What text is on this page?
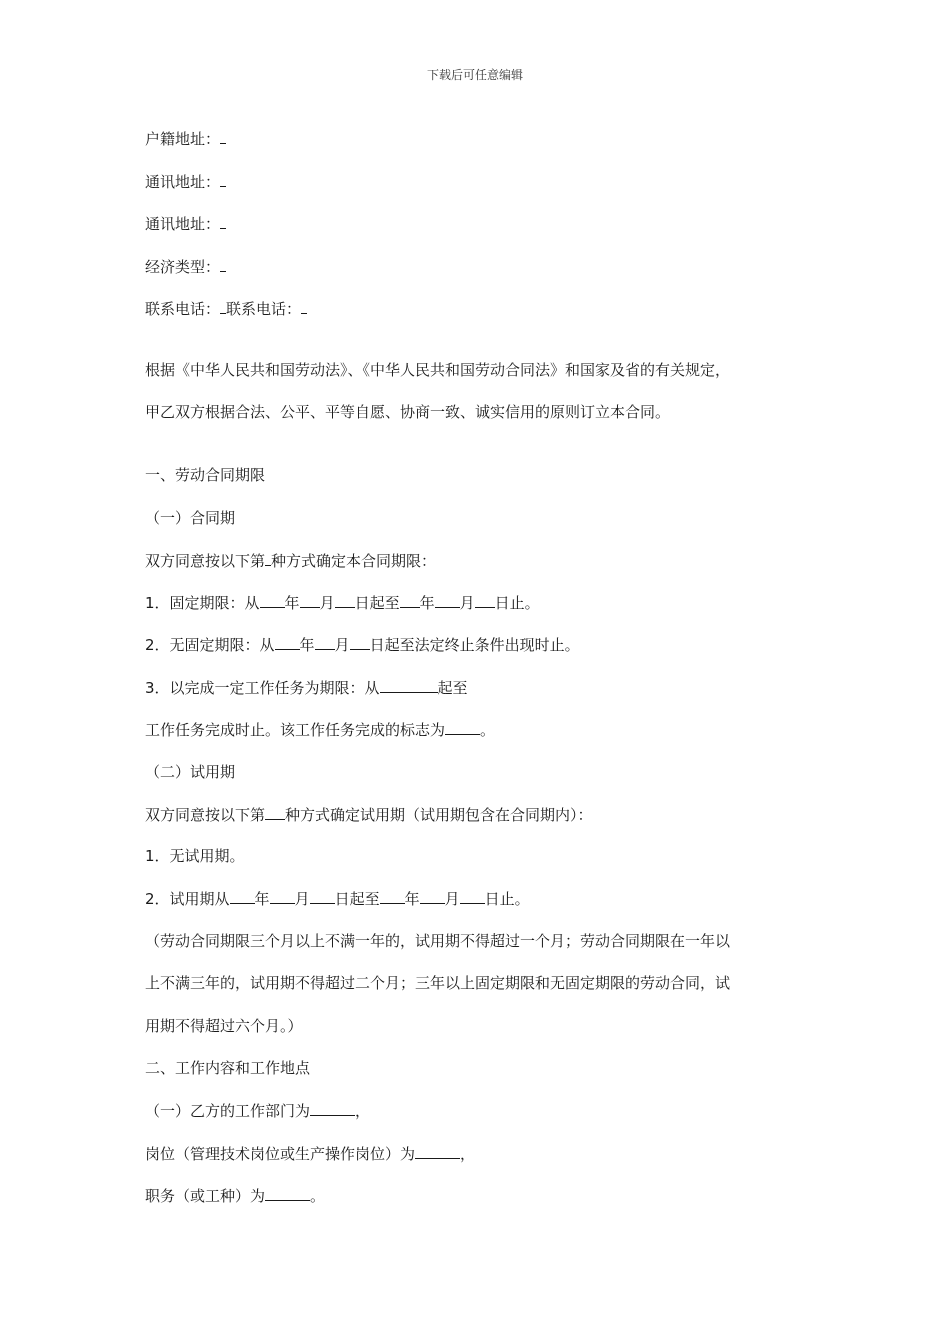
下载后可任意编辑
户籍地址：
通讯地址：
通讯地址：
经济类型：
联系电话： 联系电话：
根据《中华人民共和国劳动法》、《中华人民共和国劳动合同法》和国家及省的有关规定，
甲乙双方根据合法、公平、平等自愿、协商一致、诚实信用的原则订立本合同。
一、劳动合同期限
（一）合同期
双方同意按以下第 种方式确定本合同期限：
1．固定期限：从 年 月 日起至 年 月 日止。
2．无固定期限：从 年 月 日起至法定终止条件出现时止。
3．以完成一定工作任务为期限：从	起至
工作任务完成时止。该工作任务完成的标志为 。
（二）试用期
双方同意按以下第 种方式确定试用期（试用期包含在合同期内）：
1．无试用期。
2．试用期从 年 月 日起至 年 月 日止。
（劳动合同期限三个月以上不满一年的，试用期不得超过一个月；劳动合同期限在一年以
上不满三年的，试用期不得超过二个月；三年以上固定期限和无固定期限的劳动合同，试
用期不得超过六个月。）
二、工作内容和工作地点
（一）乙方的工作部门为	，
岗位（管理技术岗位或生产操作岗位）为	，
职务（或工种）为	。
